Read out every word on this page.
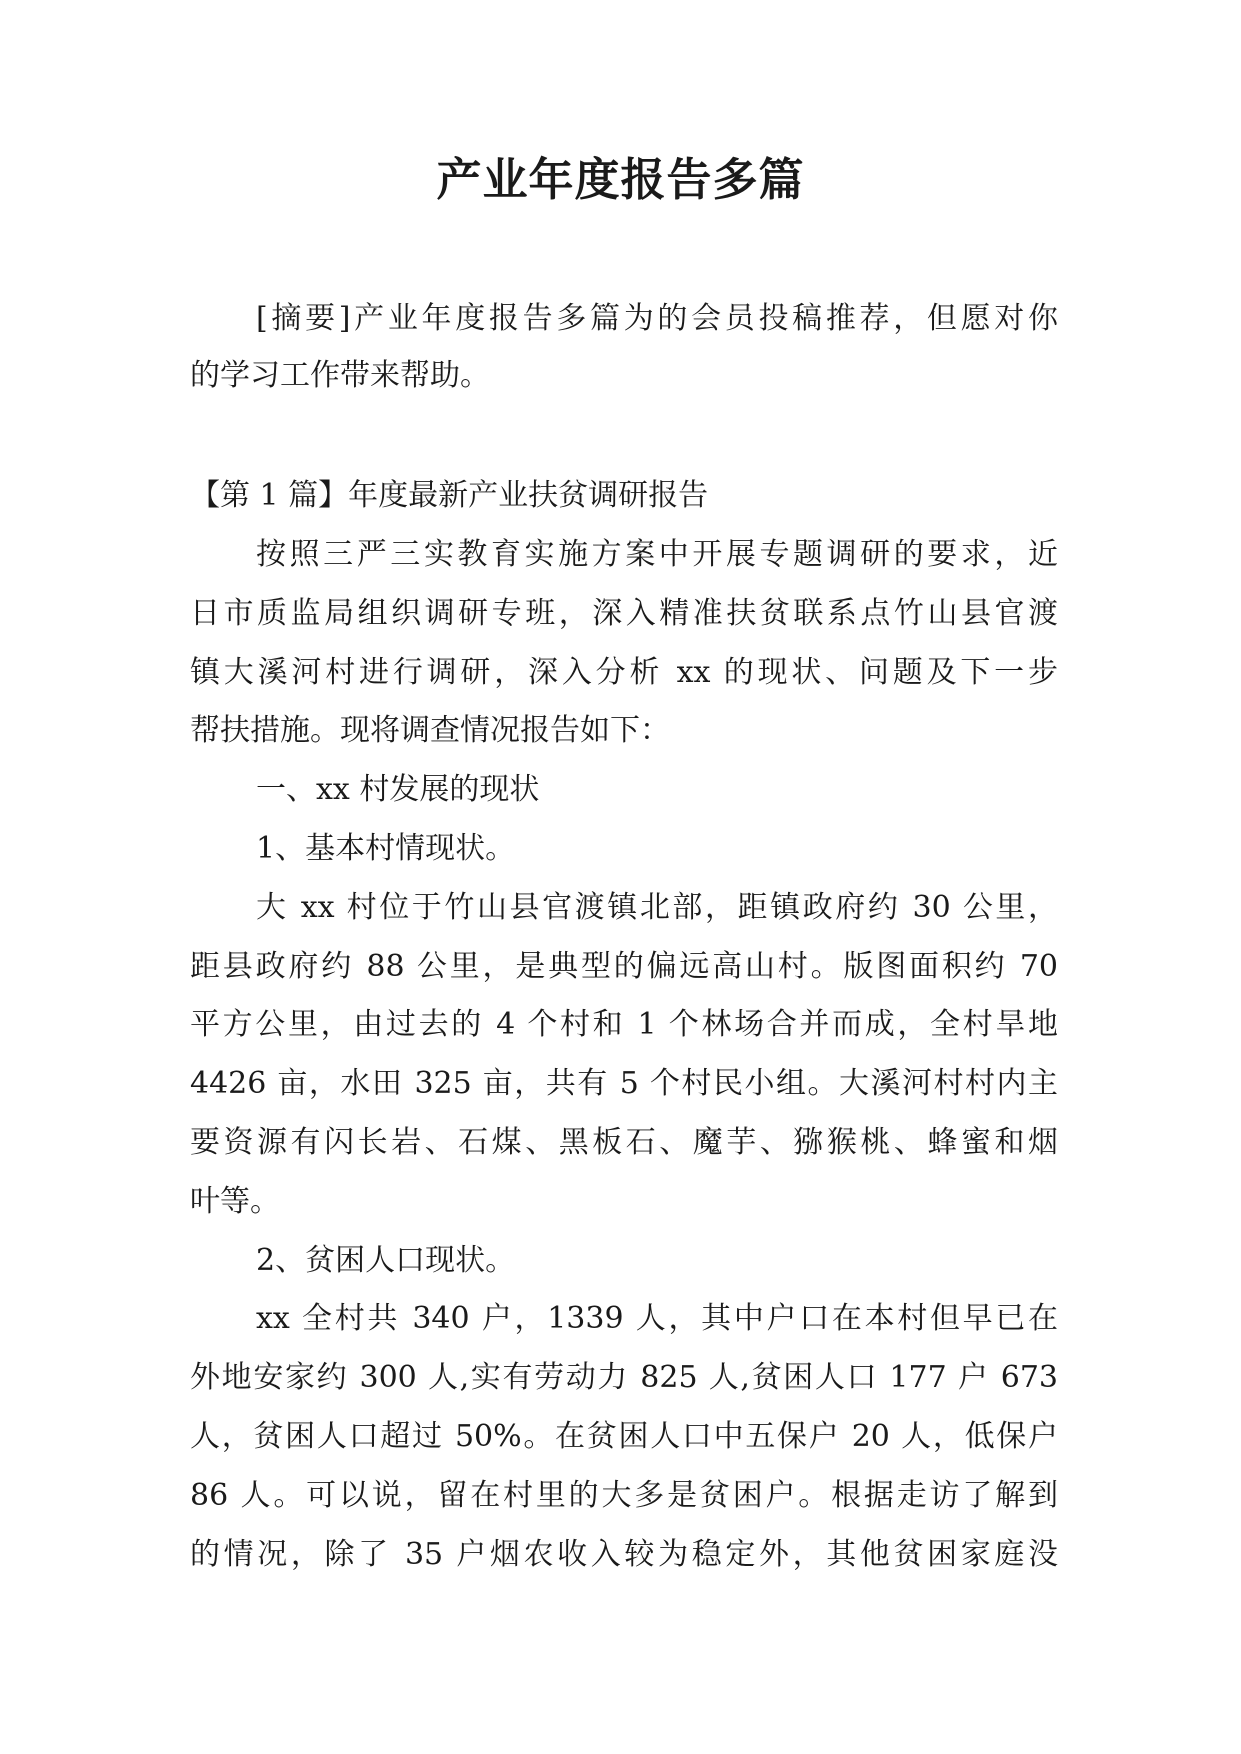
产业年度报告多篇
[摘要]产业年度报告多篇为的会员投稿推荐，但愿对你
的学习工作带来帮助。
【第 1 篇】年度最新产业扶贫调研报告
按照三严三实教育实施方案中开展专题调研的要求，近
日市质监局组织调研专班，深入精准扶贫联系点竹山县官渡
镇大溪河村进行调研，深入分析 xx 的现状、问题及下一步
帮扶措施。现将调查情况报告如下：
一、xx 村发展的现状
1、基本村情现状。
大 xx 村位于竹山县官渡镇北部，距镇政府约 30 公里，
距县政府约 88 公里，是典型的偏远高山村。版图面积约 70
平方公里，由过去的 4 个村和 1 个林场合并而成，全村旱地
4426 亩，水田 325 亩，共有 5 个村民小组。大溪河村村内主
要资源有闪长岩、石煤、黑板石、魔芋、猕猴桃、蜂蜜和烟
叶等。
2、贫困人口现状。
xx 全村共 340 户，1339 人，其中户口在本村但早已在
外地安家约 300 人,实有劳动力 825 人,贫困人口 177 户 673
人，贫困人口超过 50%。在贫困人口中五保户 20 人，低保户
86 人。可以说，留在村里的大多是贫困户。根据走访了解到
的情况，除了 35 户烟农收入较为稳定外，其他贫困家庭没
